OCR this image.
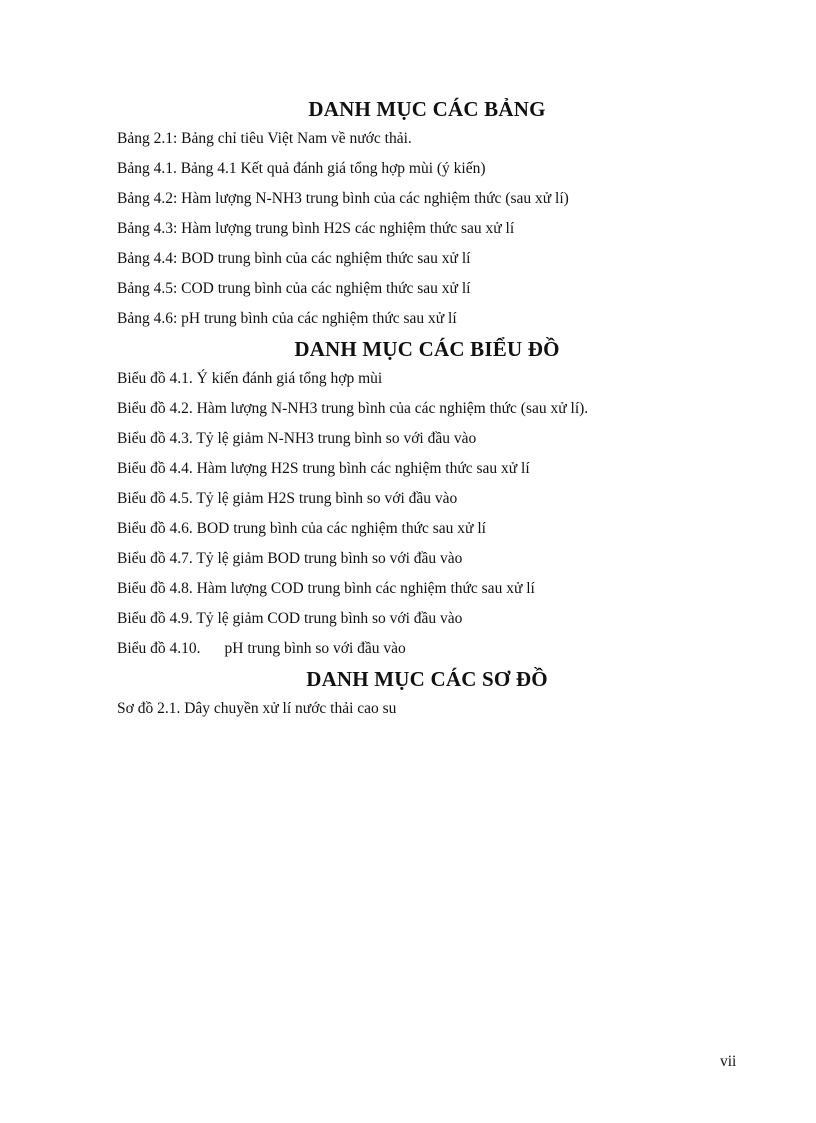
DANH MỤC CÁC BẢNG
Bảng 2.1: Bảng chỉ tiêu Việt Nam về nước thải.
Bảng 4.1. Bảng 4.1 Kết quả đánh giá tổng hợp mùi (ý kiến)
Bảng 4.2: Hàm lượng N-NH3 trung bình của các nghiệm thức (sau xử lí)
Bảng 4.3: Hàm lượng trung bình H2S các nghiệm thức sau xử lí
Bảng 4.4: BOD trung bình của các nghiệm thức sau xử lí
Bảng 4.5: COD trung bình của các nghiệm thức sau xử lí
Bảng 4.6: pH trung bình của các nghiệm thức sau xử lí
DANH MỤC CÁC BIỂU ĐỒ
Biểu đồ 4.1. Ý kiến đánh giá tổng hợp mùi
Biểu đồ 4.2. Hàm lượng N-NH3 trung bình của các nghiệm thức (sau xử lí).
Biểu đồ 4.3. Tỷ lệ giảm N-NH3 trung bình so với đầu vào
Biểu đồ 4.4. Hàm lượng H2S trung bình các nghiệm thức sau xử lí
Biểu đồ 4.5. Tỷ lệ giảm H2S trung bình so với đầu vào
Biểu đồ 4.6. BOD trung bình của các nghiệm thức sau xử lí
Biểu đồ 4.7. Tỷ lệ giảm BOD trung bình so với đầu vào
Biểu đồ 4.8. Hàm lượng COD trung bình các nghiệm thức sau xử lí
Biểu đồ 4.9. Tỷ lệ giảm COD trung bình so với đầu vào
Biểu đồ 4.10. pH trung bình so với đầu vào
DANH MỤC CÁC SƠ ĐỒ
Sơ đồ 2.1. Dây chuyền xử lí nước thải cao su
vii
